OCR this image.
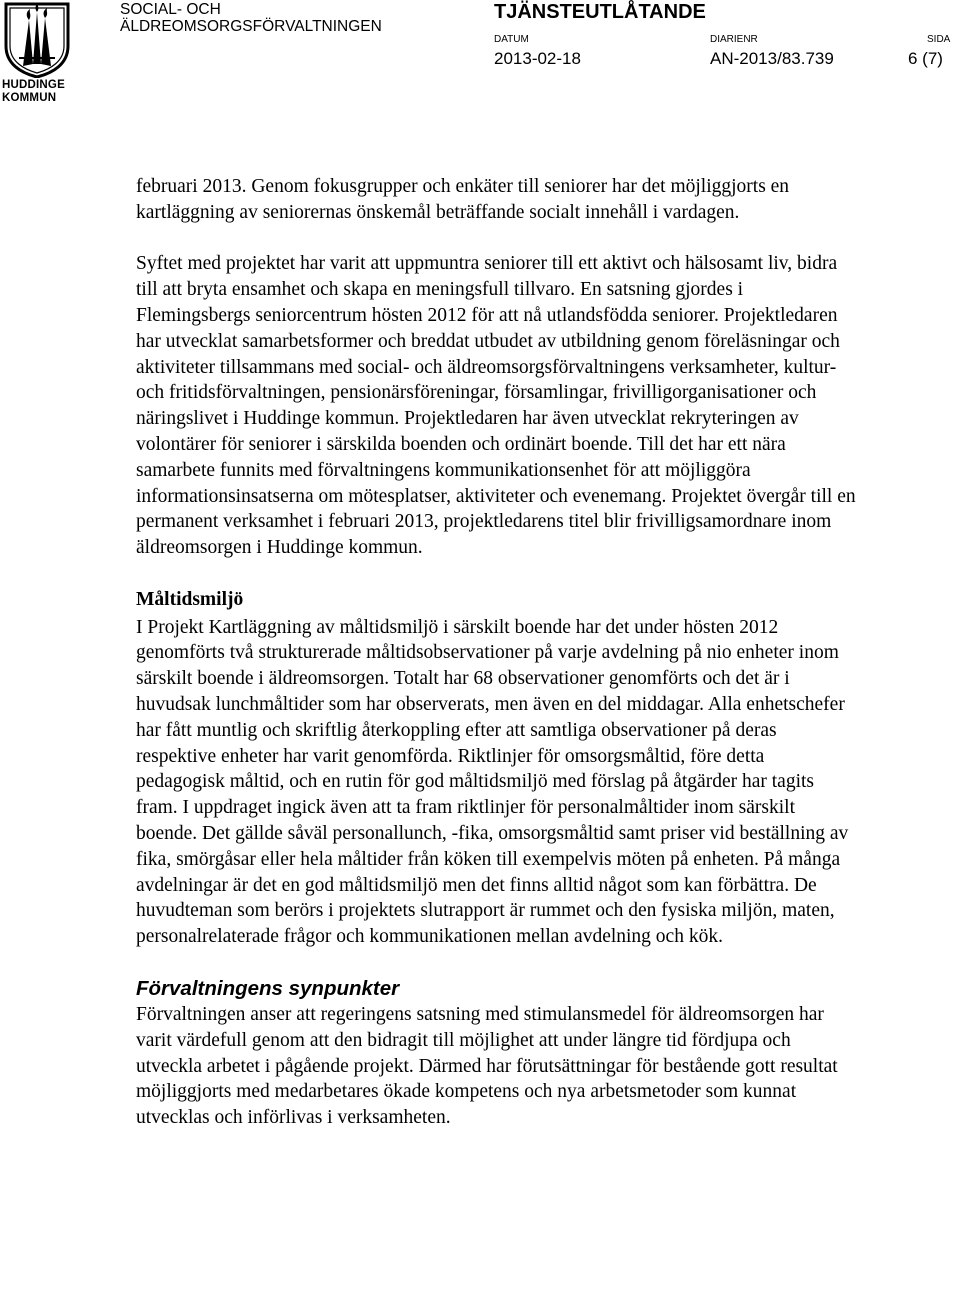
HUDDINGE KOMMUN
SOCIAL- OCH
ÄLDREOMSORGSFÖRVALTNINGEN
TJÄNSTEUTLÅTANDE
DATUM
2013-02-18
DIARIENR
AN-2013/83.739
SIDA
6 (7)

februari 2013. Genom fokusgrupper och enkäter till seniorer har det möjliggjorts en kartläggning av seniorernas önskemål beträffande socialt innehåll i vardagen.

Syftet med projektet har varit att uppmuntra seniorer till ett aktivt och hälsosamt liv, bidra till att bryta ensamhet och skapa en meningsfull tillvaro. En satsning gjordes i Flemingsbergs seniorcentrum hösten 2012 för att nå utlandsfödda seniorer. Projektledaren har utvecklat samarbetsformer och breddat utbudet av utbildning genom föreläsningar och aktiviteter tillsammans med social- och äldreomsorgsförvaltningens verksamheter, kultur- och fritidsförvaltningen, pensionärsföreningar, församlingar, frivilligorganisationer och näringslivet i Huddinge kommun. Projektledaren har även utvecklat rekryteringen av volontärer för seniorer i särskilda boenden och ordinärt boende. Till det har ett nära samarbete funnits med förvaltningens kommunikationsenhet för att möjliggöra informationsinsatserna om mötesplatser, aktiviteter och evenemang. Projektet övergår till en permanent verksamhet i februari 2013, projektledarens titel blir frivilligsamordnare inom äldreomsorgen i Huddinge kommun.

Måltidsmiljö

I Projekt Kartläggning av måltidsmiljö i särskilt boende har det under hösten 2012 genomförts två strukturerade måltidsobservationer på varje avdelning på nio enheter inom särskilt boende i äldreomsorgen. Totalt har 68 observationer genomförts och det är i huvudsak lunchmåltider som har observerats, men även en del middagar. Alla enhetschefer har fått muntlig och skriftlig återkoppling efter att samtliga observationer på deras respektive enheter har varit genomförda. Riktlinjer för omsorgsmåltid, före detta pedagogisk måltid, och en rutin för god måltidsmiljö med förslag på åtgärder har tagits fram. I uppdraget ingick även att ta fram riktlinjer för personalmåltider inom särskilt boende. Det gällde såväl personallunch, -fika, omsorgsmåltid samt priser vid beställning av fika, smörgåsar eller hela måltider från köken till exempelvis möten på enheten. På många avdelningar är det en god måltidsmiljö men det finns alltid något som kan förbättra. De huvudteman som berörs i projektets slutrapport är rummet och den fysiska miljön, maten, personalrelaterade frågor och kommunikationen mellan avdelning och kök.

Förvaltningens synpunkter

Förvaltningen anser att regeringens satsning med stimulansmedel för äldreomsorgen har varit värdefull genom att den bidragit till möjlighet att under längre tid fördjupa och utveckla arbetet i pågående projekt. Därmed har förutsättningar för bestående gott resultat möjliggjorts med medarbetares ökade kompetens och nya arbetsmetoder som kunnat utvecklas och införlivas i verksamheten.
